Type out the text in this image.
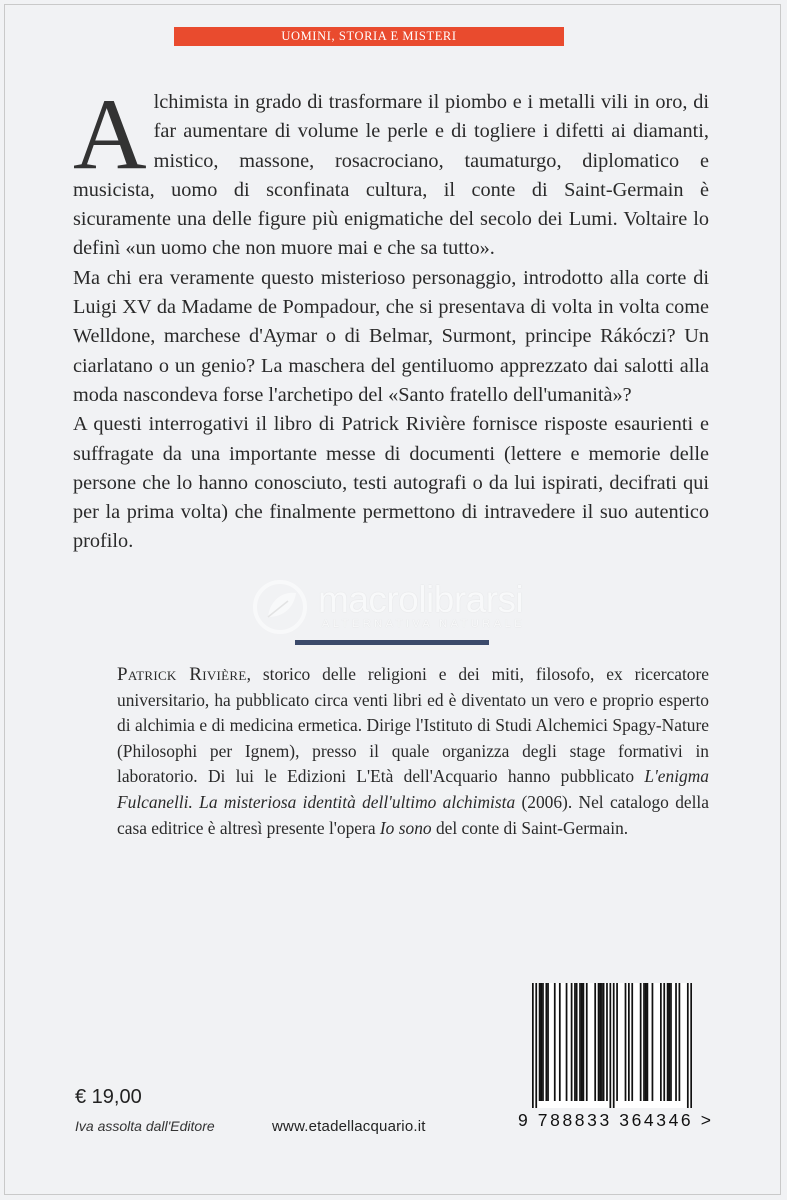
UOMINI, STORIA E MISTERI

Alchimista in grado di trasformare il piombo e i metalli vili in oro, di far aumentare di volume le perle e di togliere i difetti ai diamanti, mistico, massone, rosacrociano, taumaturgo, diplomatico e musicista, uomo di sconfinata cultura, il conte di Saint-Germain è sicuramente una delle figure più enigmatiche del secolo dei Lumi. Voltaire lo definì «un uomo che non muore mai e che sa tutto».

Ma chi era veramente questo misterioso personaggio, introdotto alla corte di Luigi XV da Madame de Pompadour, che si presentava di volta in volta come Welldone, marchese d'Aymar o di Belmar, Surmont, principe Rákóczi? Un ciarlatano o un genio? La maschera del gentiluomo apprezzato dai salotti alla moda nascondeva forse l'archetipo del «Santo fratello dell'umanità»?

A questi interrogativi il libro di Patrick Rivière fornisce risposte esaurienti e suffragate da una importante messe di documenti (lettere e memorie delle persone che lo hanno conosciuto, testi autografi o da lui ispirati, decifrati qui per la prima volta) che finalmente permettono di intravedere il suo autentico profilo.

macrolibrarsi
ALTERNATIVA NATURALE
Patrick Rivière, storico delle religioni e dei miti, filosofo, ex ricercatore universitario, ha pubblicato circa venti libri ed è diventato un vero e proprio esperto di alchimia e di medicina ermetica. Dirige l'Istituto di Studi Alchemici Spagy-Nature (Philosophi per Ignem), presso il quale organizza degli stage formativi in laboratorio. Di lui le Edizioni L'Età dell'Acquario hanno pubblicato L'enigma Fulcanelli. La misteriosa identità dell'ultimo alchimista (2006). Nel catalogo della casa editrice è altresì presente l'opera Io sono del conte di Saint-Germain.
€ 19,00
Iva assolta dall'Editore	www.etadellacquario.it	9 788833 364346 >
